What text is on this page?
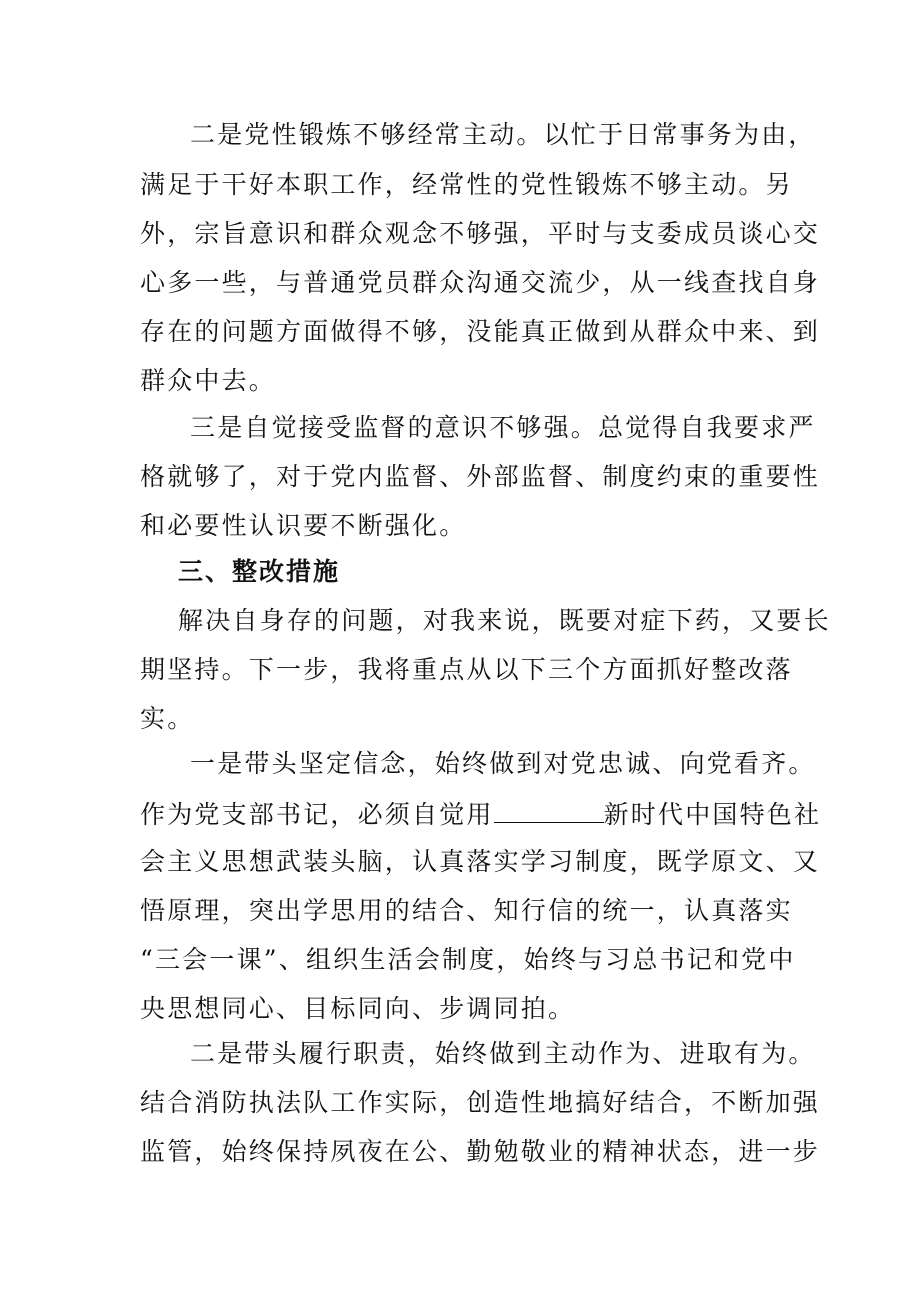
二是党性锻炼不够经常主动。以忙于日常事务为由，
满足于干好本职工作，经常性的党性锻炼不够主动。另
外，宗旨意识和群众观念不够强，平时与支委成员谈心交
心多一些，与普通党员群众沟通交流少，从一线查找自身
存在的问题方面做得不够，没能真正做到从群众中来、到
群众中去。
三是自觉接受监督的意识不够强。总觉得自我要求严
格就够了，对于党内监督、外部监督、制度约束的重要性
和必要性认识要不断强化。
三、整改措施
解决自身存的问题，对我来说，既要对症下药，又要长
期坚持。下一步，我将重点从以下三个方面抓好整改落
实。
一是带头坚定信念，始终做到对党忠诚、向党看齐。
作为党支部书记，必须自觉用	新时代中国特色社
会主义思想武装头脑，认真落实学习制度，既学原文、又
悟原理，突出学思用的结合、知行信的统一，认真落实
“三会一课”、组织生活会制度，始终与习总书记和党中
央思想同心、目标同向、步调同拍。
二是带头履行职责，始终做到主动作为、进取有为。
结合消防执法队工作实际，创造性地搞好结合，不断加强
监管，始终保持夙夜在公、勤勉敬业的精神状态，进一步
